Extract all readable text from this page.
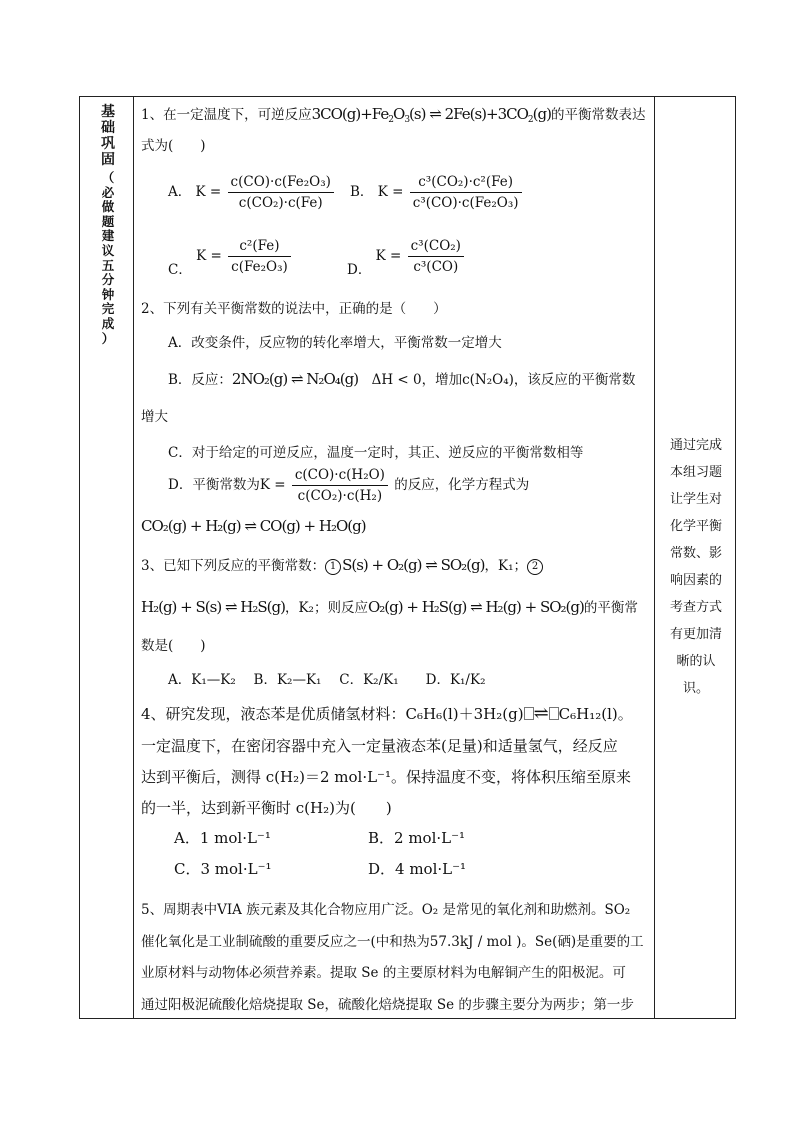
基
础
巩
固
（
必
做
题
建
议
五
分
钟
完
成
）
通过完成
本组习题
让学生对
化学平衡
常数、影
响因素的
考查方式
有更加清
晰的认
识。
1、在一定温度下，可逆反应$3CO(g)+Fe_2O_3(s)$ ⇌ $2Fe(s)+3CO_2(g)$的平衡常数表达
式为(　　)
A． $K = \frac{\text{c(CO)·c(Fe₂O₃)}}{\text{c(CO₂)·c(Fe)}}$ B． $K = \frac{\text{c³(CO₂)·c²(Fe)}}{\text{c³(CO)·c(Fe₂O₃)}}$
C． $K = \frac{\text{c²(Fe)}}{\text{c(Fe₂O₃)}}$	D． $K = \frac{\text{c³(CO₂)}}{\text{c³(CO)}}$
2、下列有关平衡常数的说法中，正确的是（　　）
A．改变条件，反应物的转化率增大，平衡常数一定增大
B．反应：2NO₂(g) ⇌ N₂O₄(g)　 ΔH < 0，增加c(N₂O₄)，该反应的平衡常数
增大
C．对于给定的可逆反应，温度一定时，其正、逆反应的平衡常数相等
D．平衡常数为$K = \frac{\text{c(CO)·c(H₂O)}}{\text{c(CO₂)·c(H₂)}}$ 的反应，化学方程式为
CO₂(g) + H₂(g) ⇌ CO(g) + H₂O(g)
3、已知下列反应的平衡常数： 1 S(s) + O₂(g) ⇌ SO₂(g)，K₁； 2
H₂(g) + S(s) ⇌ H₂S(g)，K₂；则反应O₂(g) + H₂S(g) ⇌ H₂(g) + SO₂(g)的平衡常
数是(　　)
A．K₁—K₂　 B．K₂—K₁　 C．K₂/K₁　　D．K₁/K₂
4、研究发现，液态苯是优质储氢材料：C₆H₆(l)＋3H₂(g) ⇌ C₆H₁₂(l)。
一定温度下，在密闭容器中充入一定量液态苯(足量)和适量氢气，经反应
达到平衡后，测得 c(H₂)＝2 mol·L⁻¹。保持温度不变，将体积压缩至原来
的一半，达到新平衡时 c(H₂)为(　　)
A．1 mol·L⁻¹	B．2 mol·L⁻¹
C．3 mol·L⁻¹	D．4 mol·L⁻¹
5、周期表中VIA 族元素及其化合物应用广泛。O₂ 是常见的氧化剂和助燃剂。SO₂
催化氧化是工业制硫酸的重要反应之一(中和热为57.3kJ / mol )。Se(硒)是重要的工
业原材料与动物体必须营养素。提取 Se 的主要原材料为电解铜产生的阳极泥。可
通过阳极泥硫酸化焙烧提取 Se，硫酸化焙烧提取 Se 的步骤主要分为两步；第一步
